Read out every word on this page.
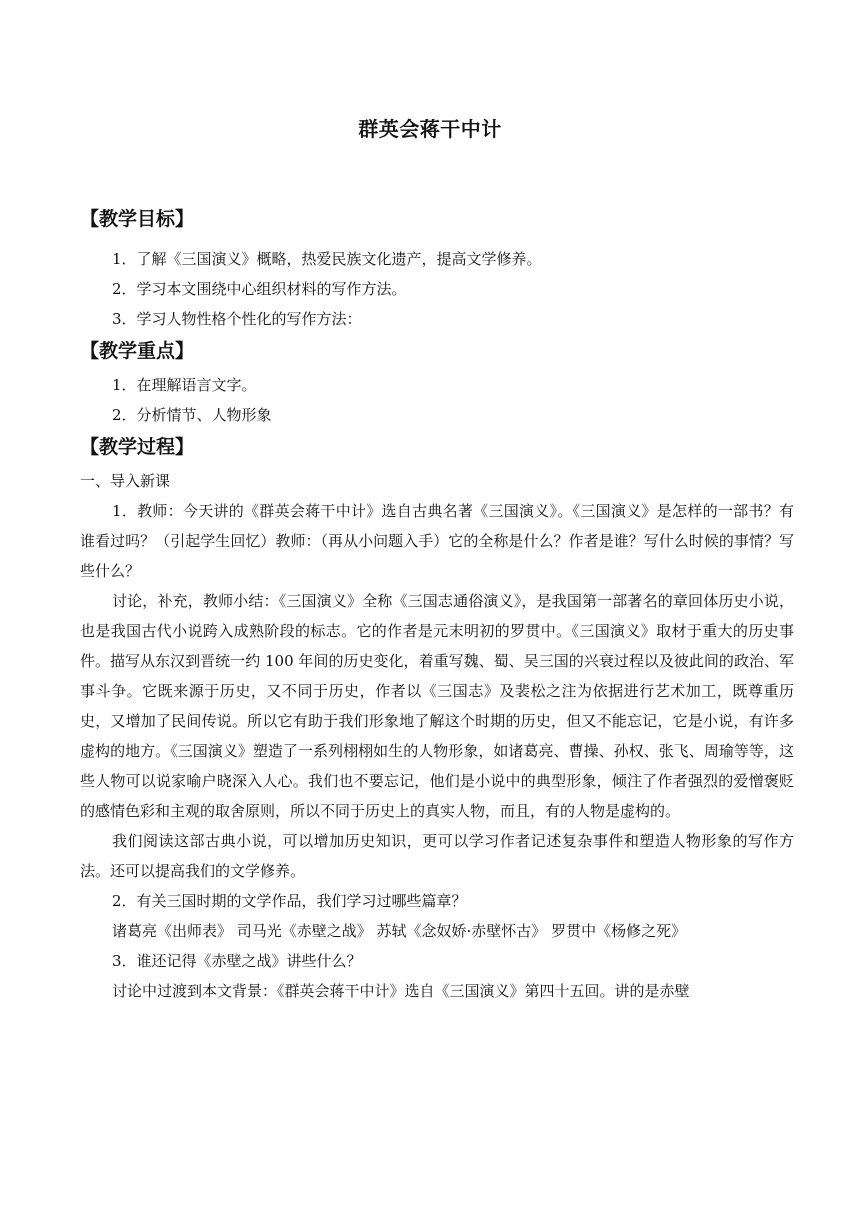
群英会蒋干中计
【教学目标】
1．了解《三国演义》概略，热爱民族文化遗产，提高文学修养。
2．学习本文围绕中心组织材料的写作方法。
3．学习人物性格个性化的写作方法：
【教学重点】
1．在理解语言文字。
2．分析情节、人物形象
【教学过程】
一、导入新课

1．教师：今天讲的《群英会蒋干中计》选自古典名著《三国演义》。《三国演义》是怎样的一部书？有谁看过吗？（引起学生回忆）教师：（再从小问题入手）它的全称是什么？作者是谁？写什么时候的事情？写些什么？

讨论，补充，教师小结：《三国演义》全称《三国志通俗演义》，是我国第一部著名的章回体历史小说，也是我国古代小说跨入成熟阶段的标志。它的作者是元末明初的罗贯中。《三国演义》取材于重大的历史事件。描写从东汉到晋统一约 100 年间的历史变化，着重写魏、蜀、吴三国的兴衰过程以及彼此间的政治、军事斗争。它既来源于历史，又不同于历史，作者以《三国志》及裴松之注为依据进行艺术加工，既尊重历史，又增加了民间传说。所以它有助于我们形象地了解这个时期的历史，但又不能忘记，它是小说，有许多虚构的地方。《三国演义》塑造了一系列栩栩如生的人物形象，如诸葛亮、曹操、孙权、张飞、周瑜等等，这些人物可以说家喻户晓深入人心。我们也不要忘记，他们是小说中的典型形象，倾注了作者强烈的爱憎褒贬的感情色彩和主观的取舍原则，所以不同于历史上的真实人物，而且，有的人物是虚构的。

我们阅读这部古典小说，可以增加历史知识，更可以学习作者记述复杂事件和塑造人物形象的写作方法。还可以提高我们的文学修养。

2．有关三国时期的文学作品，我们学习过哪些篇章？

诸葛亮《出师表》 司马光《赤壁之战》 苏轼《念奴娇·赤壁怀古》 罗贯中《杨修之死》

3．谁还记得《赤壁之战》讲些什么？

讨论中过渡到本文背景：《群英会蒋干中计》选自《三国演义》第四十五回。讲的是赤壁
